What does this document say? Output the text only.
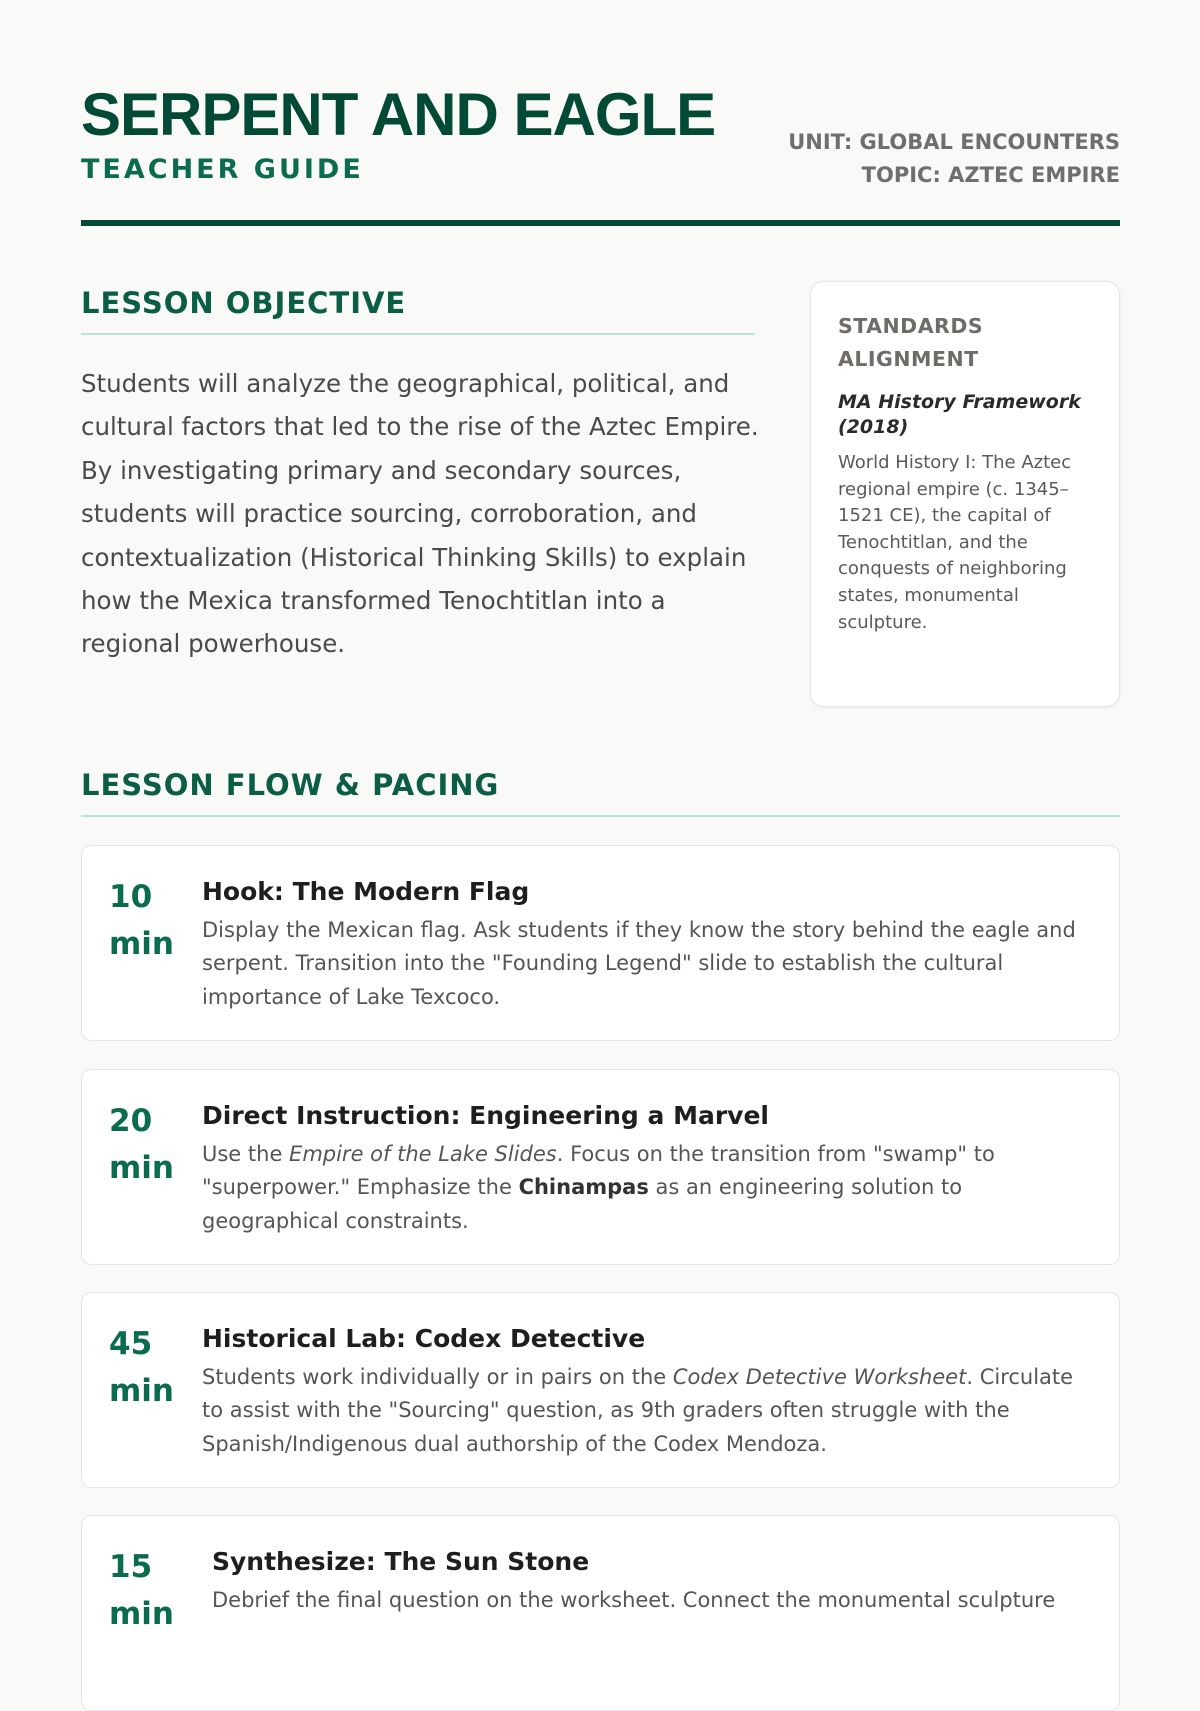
SERPENT AND EAGLE
TEACHER GUIDE
UNIT: GLOBAL ENCOUNTERS
TOPIC: AZTEC EMPIRE
LESSON OBJECTIVE

Students will analyze the geographical, political, and cultural factors that led to the rise of the Aztec Empire. By investigating primary and secondary sources, students will practice sourcing, corroboration, and contextualization (Historical Thinking Skills) to explain how the Mexica transformed Tenochtitlan into a regional powerhouse.

STANDARDS ALIGNMENT

MA History Framework (2018)

World History I: The Aztec regional empire (c. 1345–1521 CE), the capital of Tenochtitlan, and the conquests of neighboring states, monumental sculpture.

LESSON FLOW & PACING
10
min
Hook: The Modern Flag

Display the Mexican flag. Ask students if they know the story behind the eagle and serpent. Transition into the "Founding Legend" slide to establish the cultural importance of Lake Texcoco.

20
min
Direct Instruction: Engineering a Marvel

Use the Empire of the Lake Slides. Focus on the transition from "swamp" to "superpower." Emphasize the Chinampas as an engineering solution to geographical constraints.

45
min
Historical Lab: Codex Detective

Students work individually or in pairs on the Codex Detective Worksheet. Circulate to assist with the "Sourcing" question, as 9th graders often struggle with the Spanish/Indigenous dual authorship of the Codex Mendoza.

15
min
Synthesize: The Sun Stone

Debrief the final question on the worksheet. Connect the monumental sculpture
